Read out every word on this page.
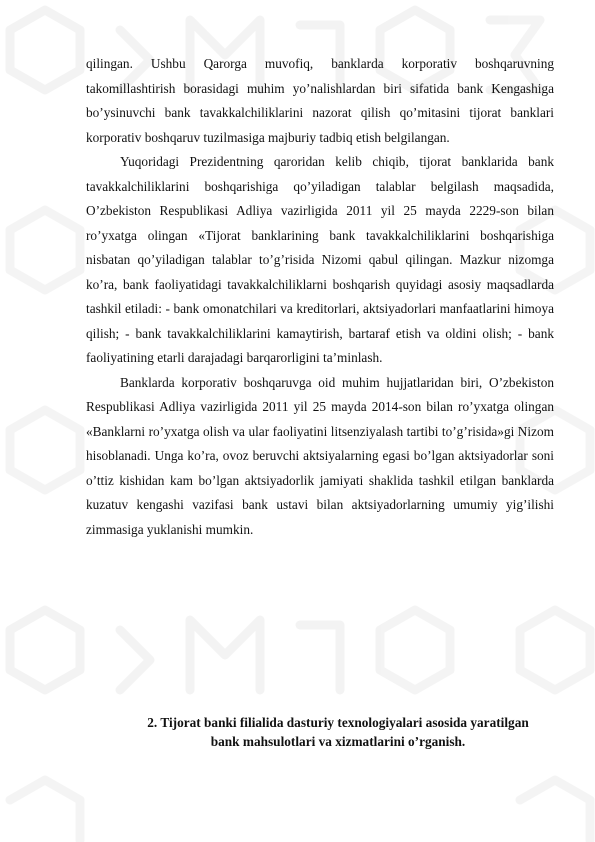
qilingan. Ushbu Qarorga muvofiq, banklarda korporativ boshqaruvning takomillashtirish borasidagi muhim yo’nalishlardan biri sifatida bank Kengashiga bo’ysinuvchi bank tavakkalchiliklarini nazorat qilish qo’mitasini tijorat banklari korporativ boshqaruv tuzilmasiga majburiy tadbiq etish belgilangan.

Yuqoridagi Prezidentning qaroridan kelib chiqib, tijorat banklarida bank tavakkalchiliklarini boshqarishiga qo’yiladigan talablar belgilash maqsadida, O’zbekiston Respublikasi Adliya vazirligida 2011 yil 25 mayda 2229-son bilan ro’yxatga olingan «Tijorat banklarining bank tavakkalchiliklarini boshqarishiga nisbatan qo’yiladigan talablar to’g’risida Nizomi qabul qilingan. Mazkur nizomga ko’ra, bank faoliyatidagi tavakkalchiliklarni boshqarish quyidagi asosiy maqsadlarda tashkil etiladi: - bank omonatchilari va kreditorlari, aktsiyadorlari manfaatlarini himoya qilish; - bank tavakkalchiliklarini kamaytirish, bartaraf etish va oldini olish; - bank faoliyatining etarli darajadagi barqarorligini ta’minlash.

Banklarda korporativ boshqaruvga oid muhim hujjatlaridan biri, O’zbekiston Respublikasi Adliya vazirligida 2011 yil 25 mayda 2014-son bilan ro’yxatga olingan «Banklarni ro’yxatga olish va ular faoliyatini litsenziyalash tartibi to’g’risida»gi Nizom hisoblanadi. Unga ko’ra, ovoz beruvchi aktsiyalarning egasi bo’lgan aktsiyadorlar soni o’ttiz kishidan kam bo’lgan aktsiyadorlik jamiyati shaklida tashkil etilgan banklarda kuzatuv kengashi vazifasi bank ustavi bilan aktsiyadorlarning umumiy yig’ilishi zimmasiga yuklanishi mumkin.

2. Tijorat banki filialida dasturiy texnologiyalari asosida yaratilgan
bank mahsulotlari va xizmatlarini o’rganish.
